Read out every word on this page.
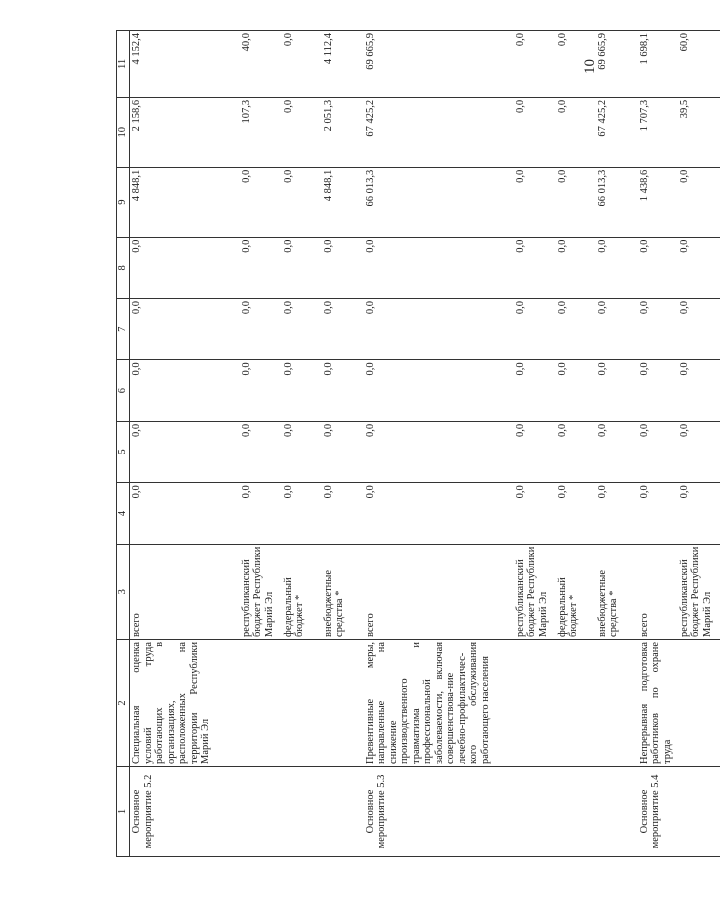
10
1	2	3	4	5	6	7	8	9	10	11
Основное мероприятие 5.2	Специальная оценка условий труда работающих в организациях, расположенных на территории Республики Марий Эл	всего	0,0	0,0	0,0	0,0	0,0	4 848,1	2 158,6	4 152,4
		республиканский бюджет Республики Марий Эл	0,0	0,0	0,0	0,0	0,0	0,0	107,3	40,0
		федеральный бюджет *	0,0	0,0	0,0	0,0	0,0	0,0	0,0	0,0
		внебюджетные средства *	0,0	0,0	0,0	0,0	0,0	4 848,1	2 051,3	4 112,4
Основное мероприятие 5.3	Превентивные меры, направленные на снижение производственного травматизма и профессиональной заболеваемости, включая совершенствова-ние лечебно-профилактичес-кого обслуживания работающего населения	всего	0,0	0,0	0,0	0,0	0,0	66 013,3	67 425,2	69 665,9
		республиканский бюджет Республики Марий Эл	0,0	0,0	0,0	0,0	0,0	0,0	0,0	0,0
		федеральный бюджет *	0,0	0,0	0,0	0,0	0,0	0,0	0,0	0,0
		внебюджетные средства *	0,0	0,0	0,0	0,0	0,0	66 013,3	67 425,2	69 665,9
Основное мероприятие 5.4	Непрерывная подготовка работников по охране труда	всего	0,0	0,0	0,0	0,0	0,0	1 438,6	1 707,3	1 698,1
		республиканский бюджет Республики Марий Эл	0,0	0,0	0,0	0,0	0,0	0,0	39,5	60,0
